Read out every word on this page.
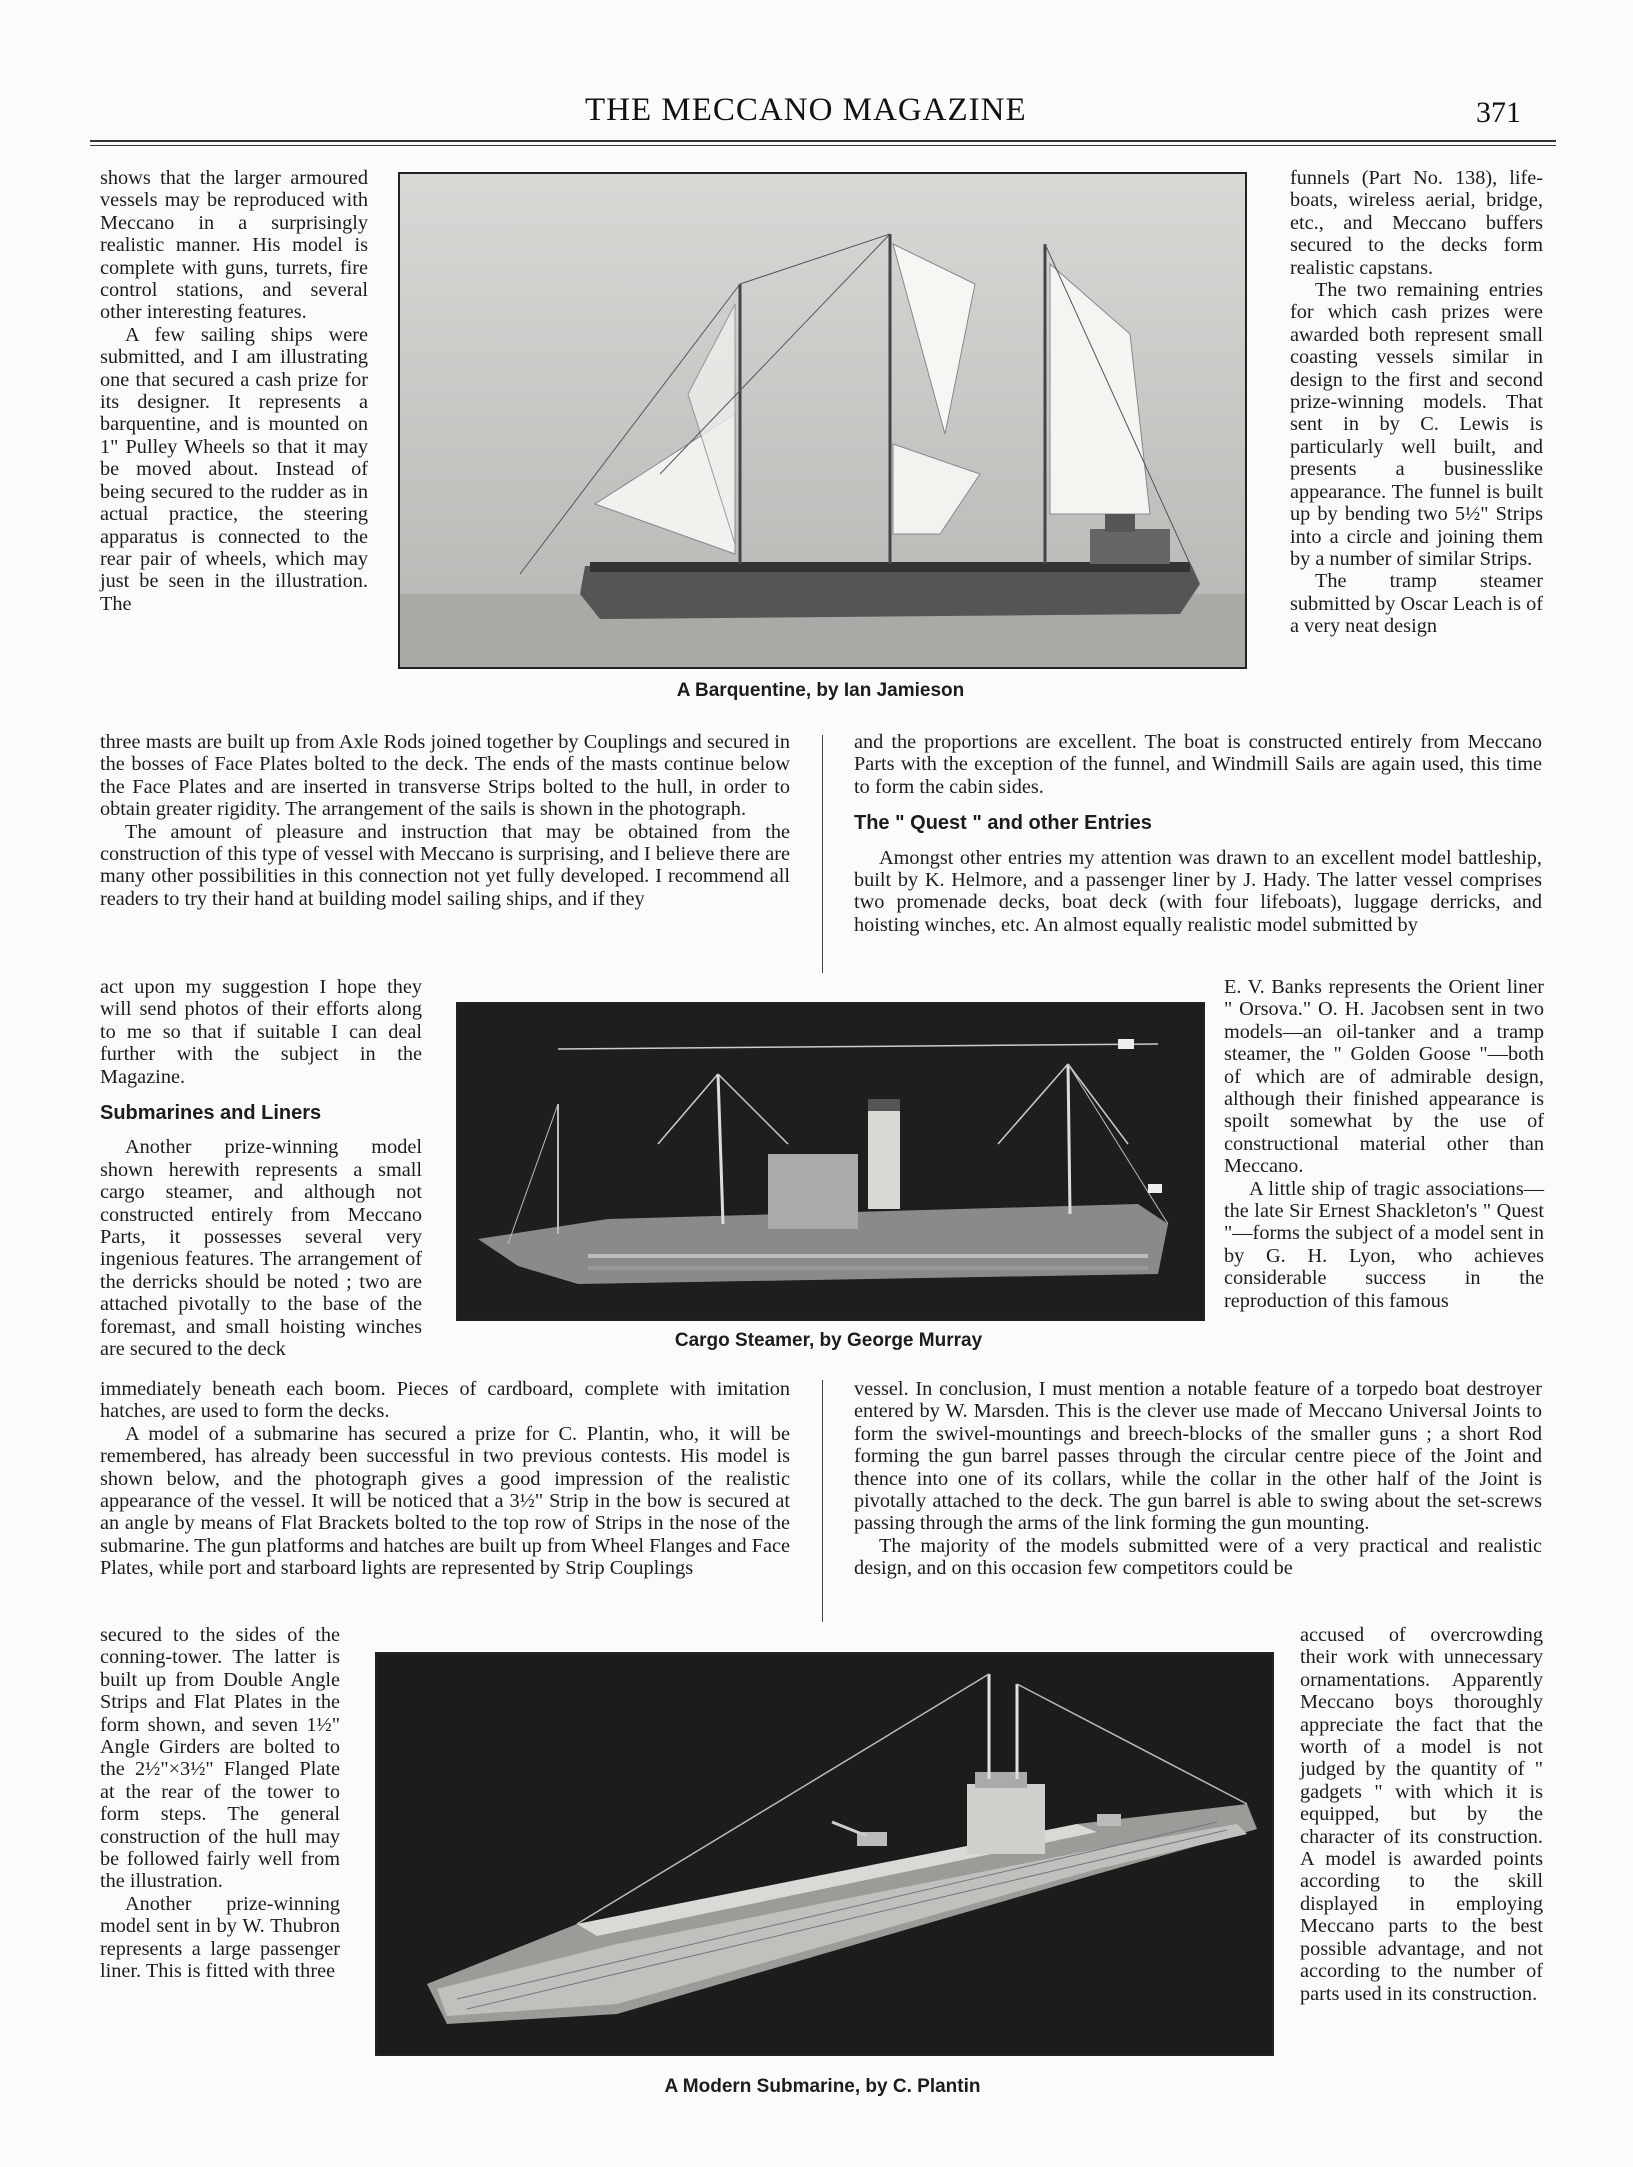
THE MECCANO MAGAZINE	371

shows that the larger armoured vessels may be reproduced with Meccano in a surprisingly realistic manner. His model is complete with guns, turrets, fire control stations, and several other interesting features.

A few sailing ships were submitted, and I am illustrating one that secured a cash prize for its designer. It represents a barquentine, and is mounted on 1" Pulley Wheels so that it may be moved about. Instead of being secured to the rudder as in actual practice, the steering apparatus is connected to the rear pair of wheels, which may just be seen in the illustration. The

A Barquentine, by Ian Jamieson

funnels (Part No. 138), life-boats, wireless aerial, bridge, etc., and Meccano buffers secured to the decks form realistic capstans.

The two remaining entries for which cash prizes were awarded both represent small coasting vessels similar in design to the first and second prize-winning models. That sent in by C. Lewis is particularly well built, and presents a businesslike appearance. The funnel is built up by bending two 5½" Strips into a circle and joining them by a number of similar Strips.

The tramp steamer submitted by Oscar Leach is of a very neat design

three masts are built up from Axle Rods joined together by Couplings and secured in the bosses of Face Plates bolted to the deck. The ends of the masts continue below the Face Plates and are inserted in transverse Strips bolted to the hull, in order to obtain greater rigidity. The arrangement of the sails is shown in the photograph.

The amount of pleasure and instruction that may be obtained from the construction of this type of vessel with Meccano is surprising, and I believe there are many other possibilities in this connection not yet fully developed. I recommend all readers to try their hand at building model sailing ships, and if they

and the proportions are excellent. The boat is constructed entirely from Meccano Parts with the exception of the funnel, and Windmill Sails are again used, this time to form the cabin sides.

The " Quest " and other Entries

Amongst other entries my attention was drawn to an excellent model battleship, built by K. Helmore, and a passenger liner by J. Hady. The latter vessel comprises two promenade decks, boat deck (with four lifeboats), luggage derricks, and hoisting winches, etc. An almost equally realistic model submitted by

act upon my suggestion I hope they will send photos of their efforts along to me so that if suitable I can deal further with the subject in the Magazine.

Submarines and Liners

Another prize-winning model shown herewith represents a small cargo steamer, and although not constructed entirely from Meccano Parts, it possesses several very ingenious features. The arrangement of the derricks should be noted ; two are attached pivotally to the base of the foremast, and small hoisting winches are secured to the deck	Cargo Steamer, by George Murray

E. V. Banks represents the Orient liner " Orsova." O. H. Jacobsen sent in two models—an oil-tanker and a tramp steamer, the " Golden Goose "—both of which are of admirable design, although their finished appearance is spoilt somewhat by the use of constructional material other than Meccano.

A little ship of tragic associations—the late Sir Ernest Shackleton's " Quest "—forms the subject of a model sent in by G. H. Lyon, who achieves considerable success in the reproduction of this famous

immediately beneath each boom. Pieces of cardboard, complete with imitation hatches, are used to form the decks.

A model of a submarine has secured a prize for C. Plantin, who, it will be remembered, has already been successful in two previous contests. His model is shown below, and the photograph gives a good impression of the realistic appearance of the vessel. It will be noticed that a 3½" Strip in the bow is secured at an angle by means of Flat Brackets bolted to the top row of Strips in the nose of the submarine. The gun platforms and hatches are built up from Wheel Flanges and Face Plates, while port and starboard lights are represented by Strip Couplings

vessel. In conclusion, I must mention a notable feature of a torpedo boat destroyer entered by W. Marsden. This is the clever use made of Meccano Universal Joints to form the swivel-mountings and breech-blocks of the smaller guns ; a short Rod forming the gun barrel passes through the circular centre piece of the Joint and thence into one of its collars, while the collar in the other half of the Joint is pivotally attached to the deck. The gun barrel is able to swing about the set-screws passing through the arms of the link forming the gun mounting.

The majority of the models submitted were of a very practical and realistic design, and on this occasion few competitors could be

secured to the sides of the conning-tower. The latter is built up from Double Angle Strips and Flat Plates in the form shown, and seven 1½" Angle Girders are bolted to the 2½"×3½" Flanged Plate at the rear of the tower to form steps. The general construction of the hull may be followed fairly well from the illustration.

Another prize-winning model sent in by W. Thubron represents a large passenger liner. This is fitted with three

A Modern Submarine, by C. Plantin

accused of overcrowding their work with unnecessary ornamentations. Apparently Meccano boys thoroughly appreciate the fact that the worth of a model is not judged by the quantity of " gadgets " with which it is equipped, but by the character of its construction. A model is awarded points according to the skill displayed in employing Meccano parts to the best possible advantage, and not according to the number of parts used in its construction.
